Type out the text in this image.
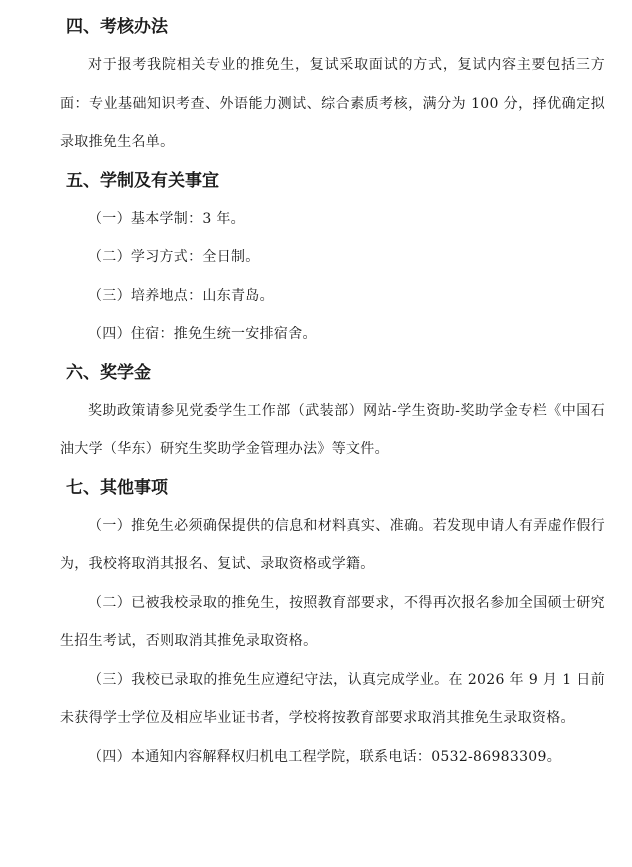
四、考核办法

对于报考我院相关专业的推免生，复试采取面试的方式，复试内容主要包括三方面：专业基础知识考查、外语能力测试、综合素质考核，满分为 100 分，择优确定拟录取推免生名单。

五、学制及有关事宜

（一）基本学制：3 年。

（二）学习方式：全日制。

（三）培养地点：山东青岛。

（四）住宿：推免生统一安排宿舍。

六、奖学金

奖助政策请参见党委学生工作部（武装部）网站-学生资助-奖助学金专栏《中国石油大学（华东）研究生奖助学金管理办法》等文件。

七、其他事项

（一）推免生必须确保提供的信息和材料真实、准确。若发现申请人有弄虚作假行为，我校将取消其报名、复试、录取资格或学籍。

（二）已被我校录取的推免生，按照教育部要求，不得再次报名参加全国硕士研究生招生考试，否则取消其推免录取资格。

（三）我校已录取的推免生应遵纪守法，认真完成学业。在 2026 年 9 月 1 日前未获得学士学位及相应毕业证书者，学校将按教育部要求取消其推免生录取资格。

（四）本通知内容解释权归机电工程学院，联系电话：0532-86983309。
